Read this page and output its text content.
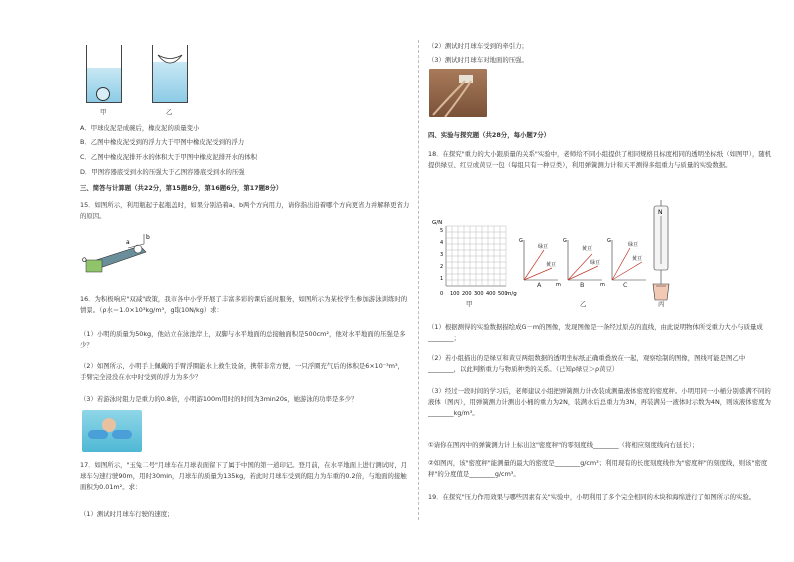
甲	乙
A．甲球皮泥是成碗后，橡皮泥的质量变小
B．乙图中橡皮泥受到的浮力大于甲图中橡皮泥受到的浮力
C．乙图中橡皮泥排开水的体积大于甲图中橡皮泥排开水的体积
D．甲图容器底受到水的压强大于乙图容器底受到水的压强
三、简答与计算题（共22分，第15题8分，第16题6分，第17题8分）
15．如图所示，利用瓶起子起瓶盖时，如果分别沿着a、b两个方向用力，请你指出沿着哪个方向更省力并解释更省力的原因。
a
b
O
16．为积极响应"双减"政策，我市各中小学开展了丰富多彩的课后延时服务，如图所示为某校学生参加游泳训练时的情景。（ρ水＝1.0×10³kg/m³，g取10N/kg）求：
（1）小明的质量为50kg，他站立在泳池岸上，双脚与水平地面的总接触面积是500cm²，他对水平地面的压强是多少？
（2）如图所示，小明手上佩戴的手臂浮圈能水上救生设备，携带非常方便，一只浮圈充气后的体积是6×10⁻³m³，手臂完全浸没在水中时受到的浮力为多少？
（3）若游泳时阻力是重力的0.8倍，小明游100m用时的时间为3min20s，她游泳的功率是多少？
17．如图所示，"玉兔二号"月球车在月球表面留下了属于中国的第一道印记。登月前，在水平地面上进行测试时，月球车匀速行驶90m，用时30min，月球车的质量为135kg，若此时月球车受到的阻力为车重的0.2倍，与地面的接触面积为0.01m²。求：
（1）测试时月球车行驶的速度；
（2）测试时月球车受到的牵引力；
（3）测试时月球车对地面的压强。
四、实验与探究题（共28分，每小题7分）
18．在探究"重力的大小跟质量的关系"实验中，老师给不同小组提供了相同规格且标度相同的透明坐标纸（如图甲），随机提供绿豆、红豆或黄豆一包（每组只有一种豆类），利用弹簧测力计和天平测得多组重力与质量的实验数据。
G/N
m/g
5
4
3
2
1
0 100 200 300 400 500
甲
G
绿豆
黄豆
m
G
黄豆
绿豆
m
G
绿豆
黄豆
A	B	C
乙
N
丙
（1）根据测得的实验数据描绘成G－m的图像，发现图像是一条经过原点的直线，由此说明物体所受重力大小与质量成________；
（2）若小组描出的是绿豆和黄豆两组数据的透明坐标纸正确重叠放在一起，观察绘制的图像，图线可能是图乙中________，以此判断重力与物质种类的关系。（已知ρ绿豆＞ρ黄豆）
（3）经过一段时间的学习后，老师建议小组把弹簧测力计改装成测量液体密度的密度秤。小明用同一小桶分别盛满不同的液体（图丙），用弹簧测力计测出小桶的重力为2N，装满水后总重力为3N，再装满另一液体时示数为4N，则该液体密度为________kg/m³。
①请你在图丙中的弹簧测力计上标出这"密度秤"的零刻度线________（将相应刻度线向右延长）；
②如图丙，该"密度秤"能测量的最大的密度是________g/cm³；利用现有的长度刻度线作为"密度秤"的刻度线，则该"密度秤"的分度值是________g/cm³。
19．在探究"压力作用效果与哪些因素有关"实验中，小明利用了多个完全相同的木块和海绵进行了如图所示的实验。
